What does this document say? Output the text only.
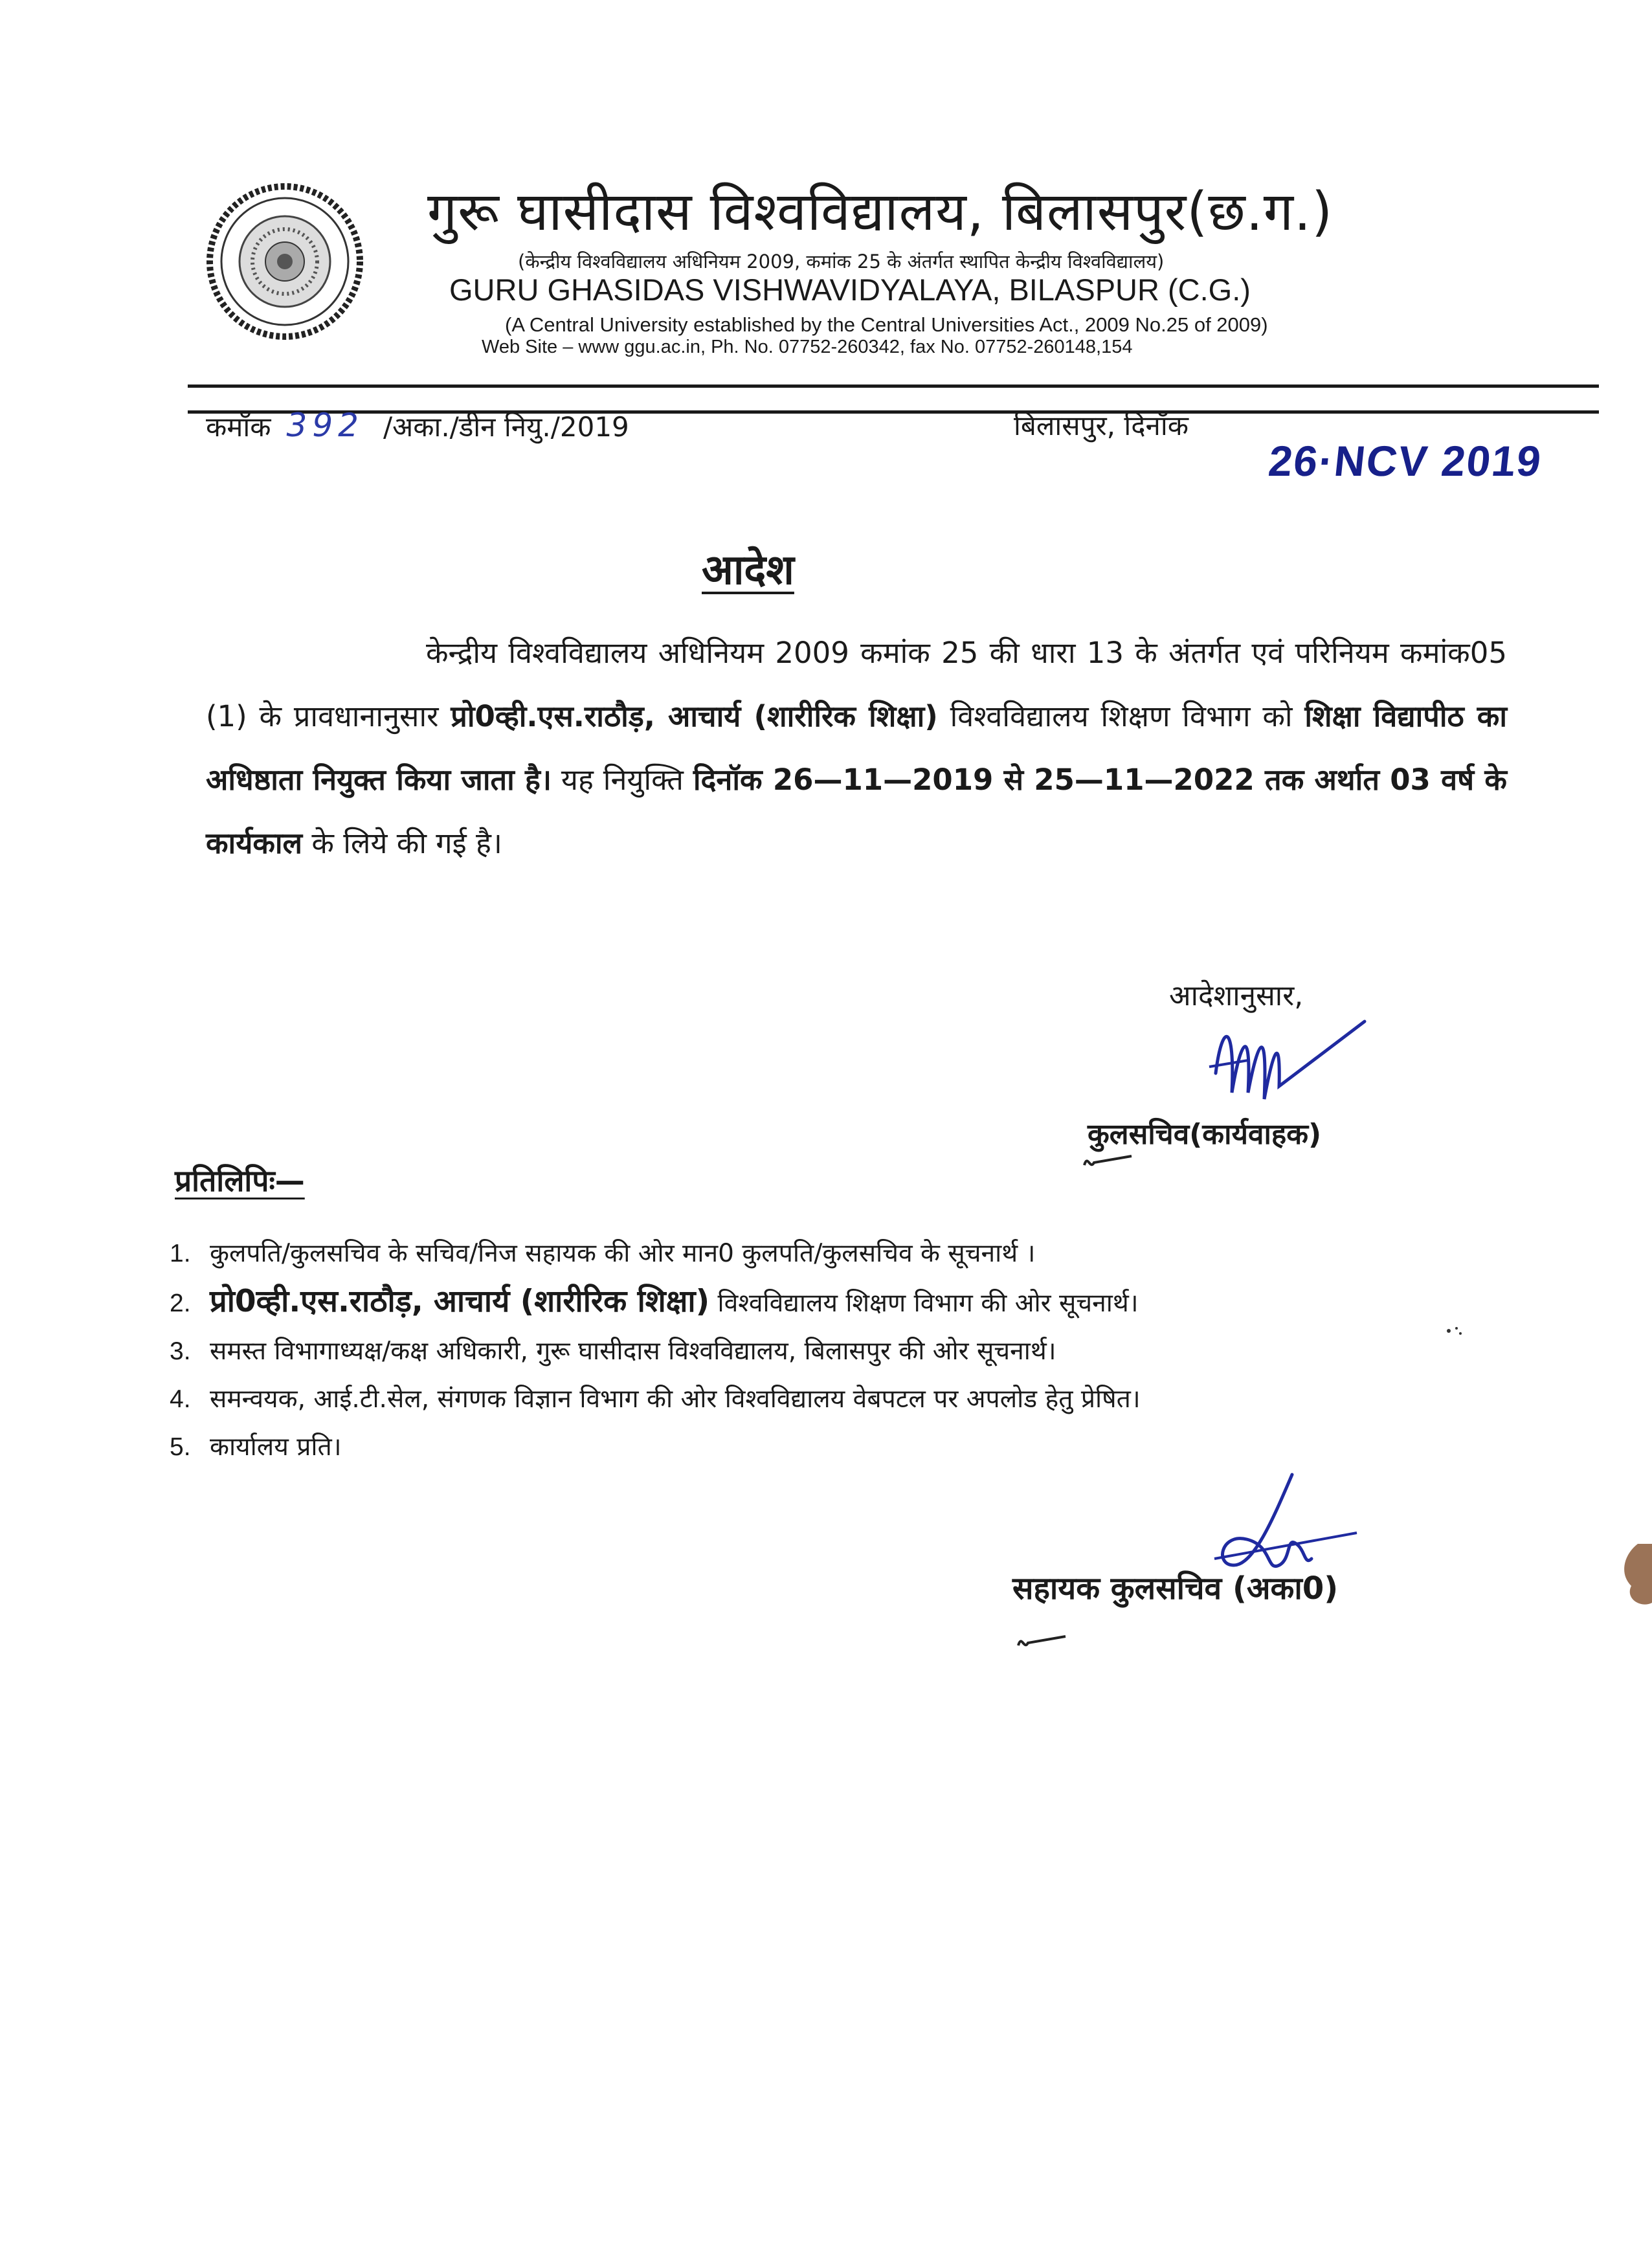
गुरू घासीदास विश्वविद्यालय, बिलासपुर(छ.ग.)
(केन्द्रीय विश्वविद्यालय अधिनियम 2009, कमांक 25 के अंतर्गत स्थापित केन्द्रीय विश्वविद्यालय)
GURU GHASIDAS VISHWAVIDYALAYA, BILASPUR (C.G.)
(A Central University established by the Central Universities Act., 2009 No.25 of 2009)
Web Site – www ggu.ac.in, Ph. No. 07752-260342, fax No. 07752-260148,154
कमॉक 392 /अका./डीन नियु./2019	बिलासपुर, दिनॉक
26·NCV 2019
आदेश
केन्द्रीय विश्वविद्यालय अधिनियम 2009 कमांक 25 की धारा 13 के अंतर्गत एवं परिनियम कमांक05 (1) के प्रावधानानुसार प्रो0व्ही.एस.राठौड़, आचार्य (शारीरिक शिक्षा) विश्वविद्यालय शिक्षण विभाग को शिक्षा विद्यापीठ का अधिष्ठाता नियुक्त किया जाता है। यह नियुक्ति दिनॉक 26—11—2019 से 25—11—2022 तक अर्थात 03 वर्ष के कार्यकाल के लिये की गई है।
आदेशानुसार,
कुलसचिव(कार्यवाहक)
प्रतिलिपिः—
1. कुलपति/कुलसचिव के सचिव/निज सहायक की ओर मान0 कुलपति/कुलसचिव के सूचनार्थ ।
2. प्रो0व्ही.एस.राठौड़, आचार्य (शारीरिक शिक्षा) विश्वविद्यालय शिक्षण विभाग की ओर सूचनार्थ।
3. समस्त विभागाध्यक्ष/कक्ष अधिकारी, गुरू घासीदास विश्वविद्यालय, बिलासपुर की ओर सूचनार्थ।
4. समन्वयक, आई.टी.सेल, संगणक विज्ञान विभाग की ओर विश्वविद्यालय वेबपटल पर अपलोड हेतु प्रेषित।
5. कार्यालय प्रति।
सहायक कुलसचिव (अका0)
